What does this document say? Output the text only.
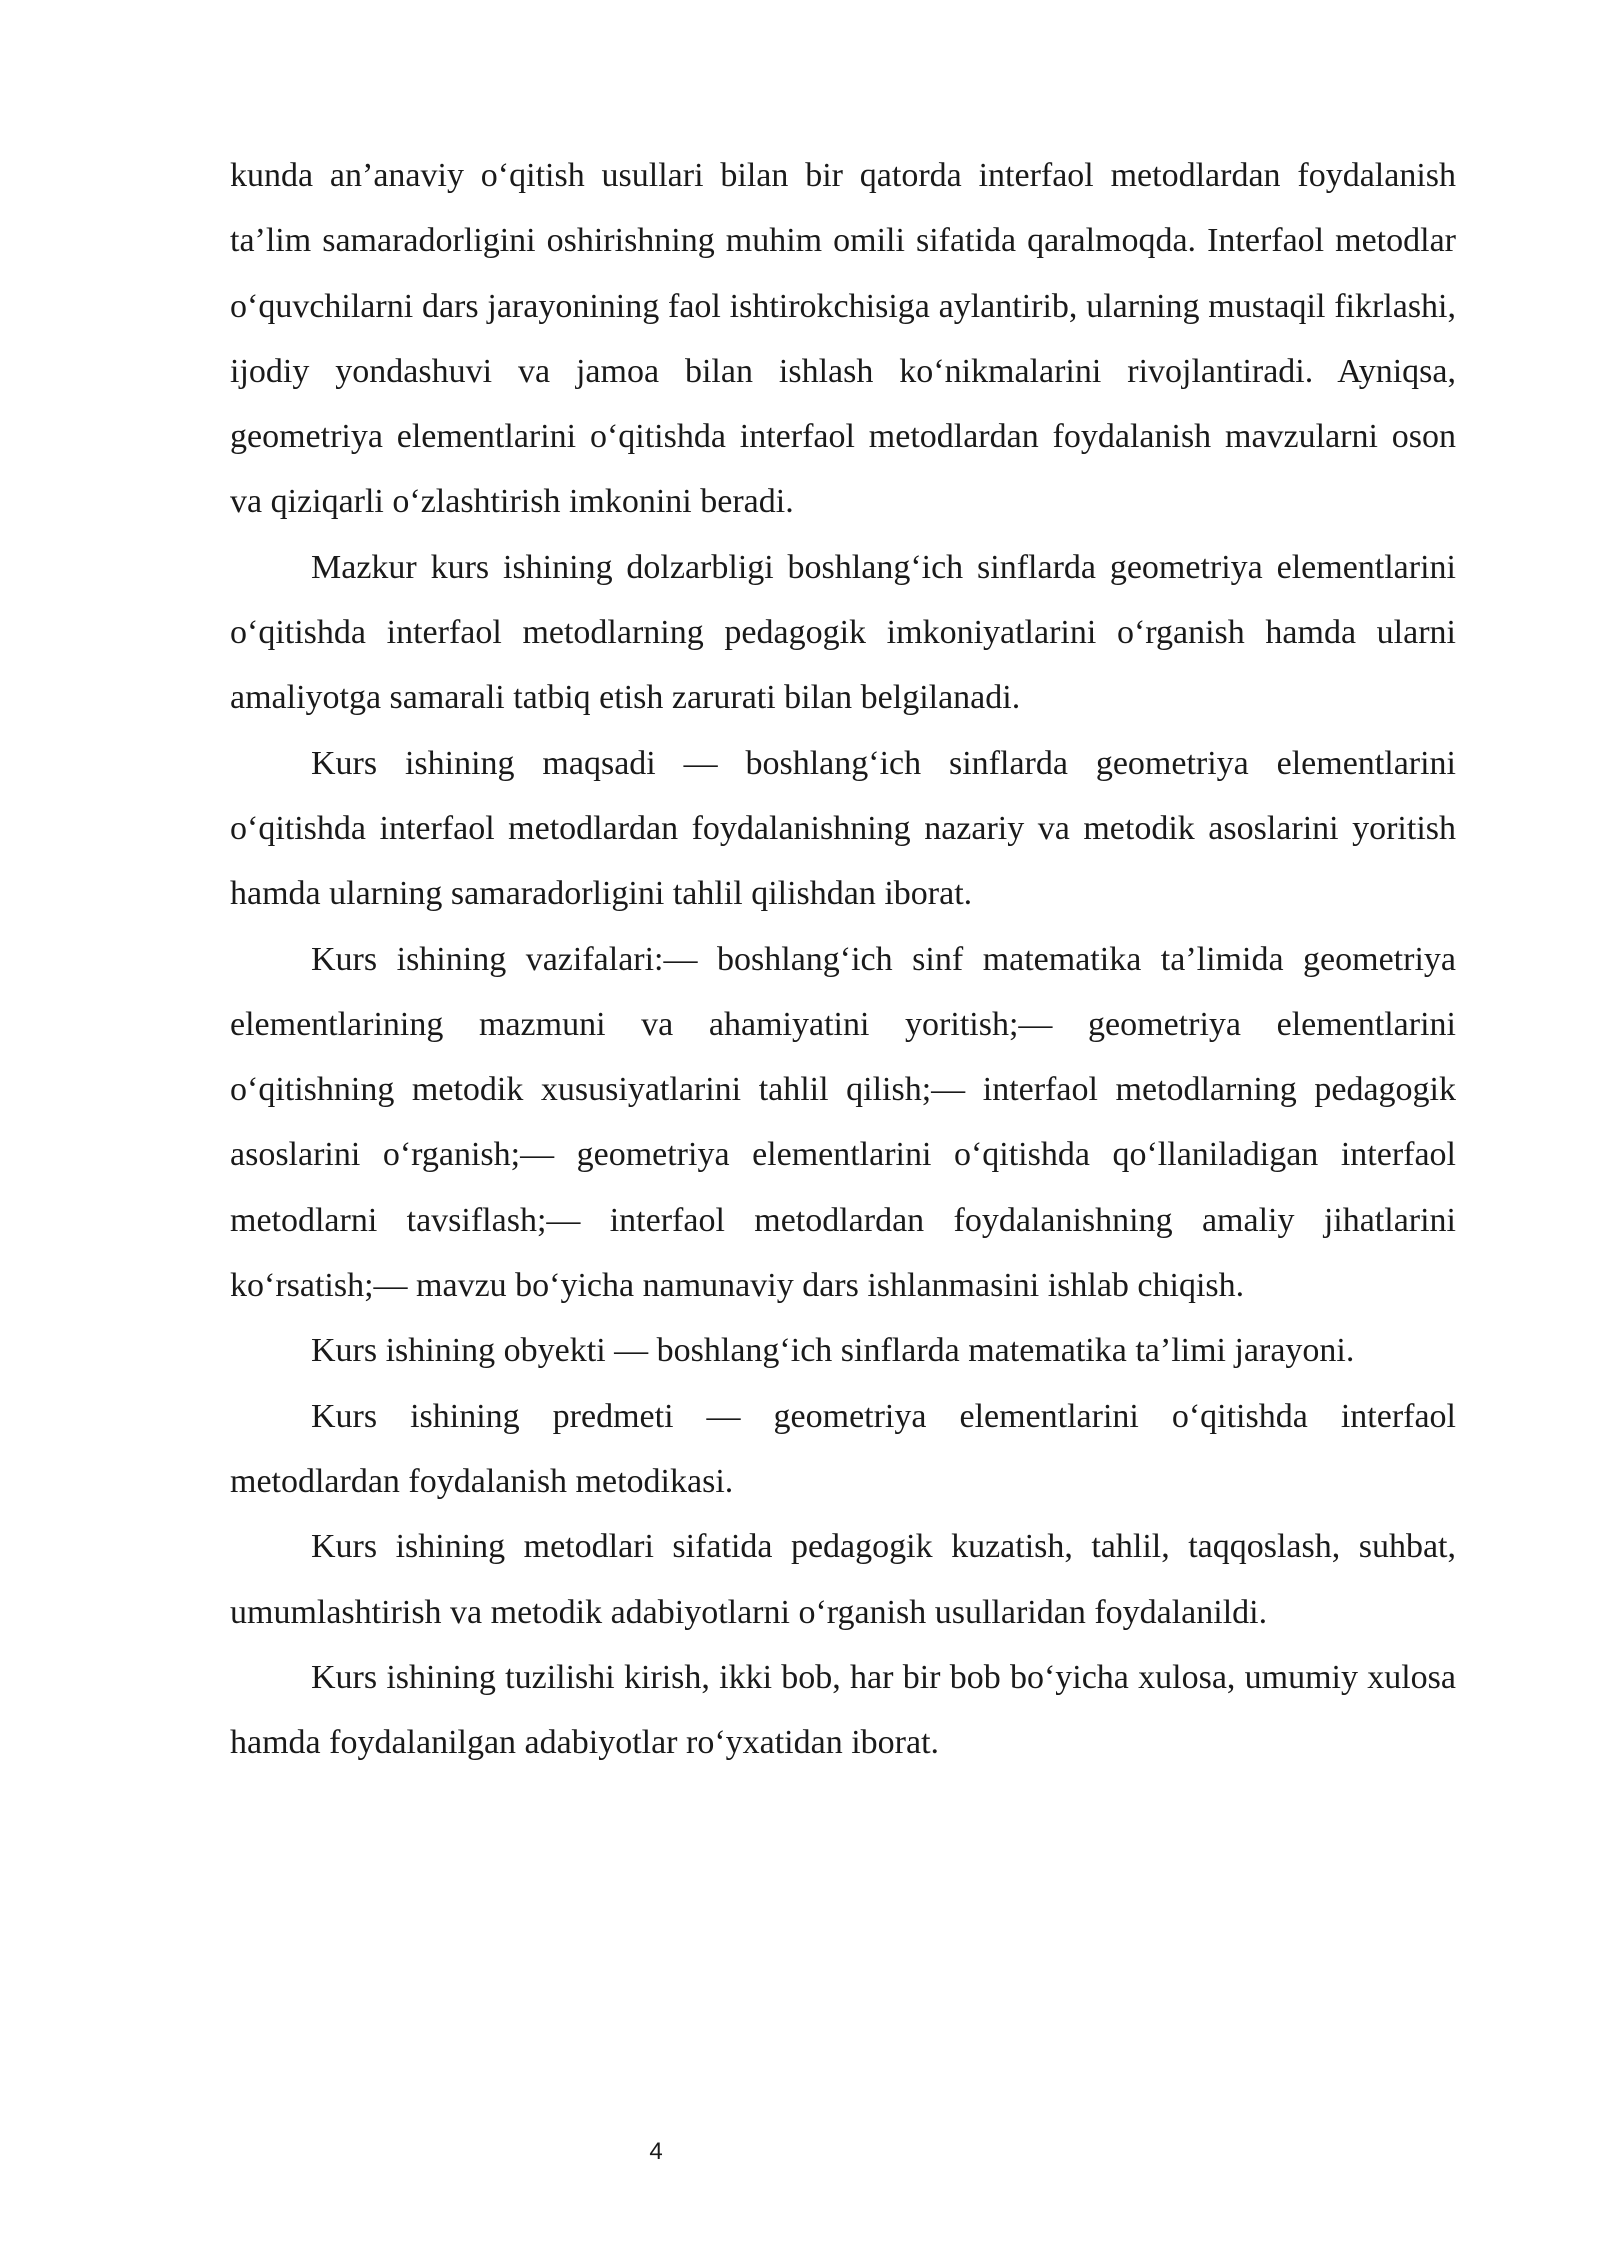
kunda an’anaviy o‘qitish usullari bilan bir qatorda interfaol metodlardan foydalanish ta’lim samaradorligini oshirishning muhim omili sifatida qaralmoqda. Interfaol metodlar o‘quvchilarni dars jarayonining faol ishtirokchisiga aylantirib, ularning mustaqil fikrlashi, ijodiy yondashuvi va jamoa bilan ishlash ko‘nikmalarini rivojlantiradi. Ayniqsa, geometriya elementlarini o‘qitishda interfaol metodlardan foydalanish mavzularni oson va qiziqarli o‘zlashtirish imkonini beradi.

Mazkur kurs ishining dolzarbligi boshlang‘ich sinflarda geometriya elementlarini o‘qitishda interfaol metodlarning pedagogik imkoniyatlarini o‘rganish hamda ularni amaliyotga samarali tatbiq etish zarurati bilan belgilanadi.

Kurs ishining maqsadi — boshlang‘ich sinflarda geometriya elementlarini o‘qitishda interfaol metodlardan foydalanishning nazariy va metodik asoslarini yoritish hamda ularning samaradorligini tahlil qilishdan iborat.

Kurs ishining vazifalari:— boshlang‘ich sinf matematika ta’limida geometriya elementlarining mazmuni va ahamiyatini yoritish;— geometriya elementlarini o‘qitishning metodik xususiyatlarini tahlil qilish;— interfaol metodlarning pedagogik asoslarini o‘rganish;— geometriya elementlarini o‘qitishda qo‘llaniladigan interfaol metodlarni tavsiflash;— interfaol metodlardan foydalanishning amaliy jihatlarini ko‘rsatish;— mavzu bo‘yicha namunaviy dars ishlanmasini ishlab chiqish.

Kurs ishining obyekti — boshlang‘ich sinflarda matematika ta’limi jarayoni.

Kurs ishining predmeti — geometriya elementlarini o‘qitishda interfaol metodlardan foydalanish metodikasi.

Kurs ishining metodlari sifatida pedagogik kuzatish, tahlil, taqqoslash, suhbat, umumlashtirish va metodik adabiyotlarni o‘rganish usullaridan foydalanildi.

Kurs ishining tuzilishi kirish, ikki bob, har bir bob bo‘yicha xulosa, umumiy xulosa hamda foydalanilgan adabiyotlar ro‘yxatidan iborat.

4
